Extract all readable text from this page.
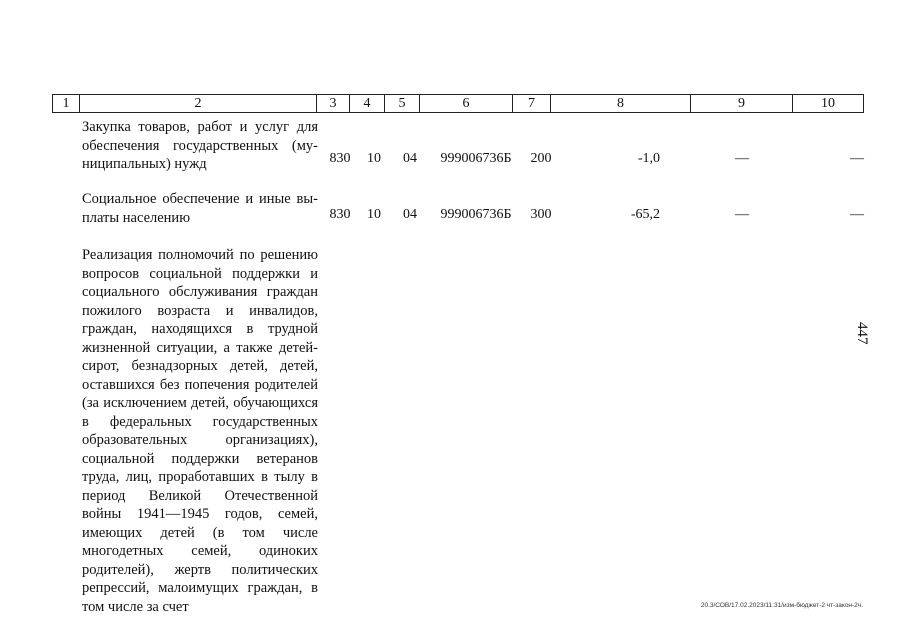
1	2	3	4	5	6	7	8	9	10
Закупка товаров, работ и услуг для обеспечения государственных (муниципальных) нужд	830	10	04	999006736Б	200	-1,0	—	—
Социальное обеспечение и иные выплаты населению	830	10	04	999006736Б	300	-65,2	—	—
Реализация полномочий по решению вопросов социальной поддержки и социального обслуживания граждан пожилого возраста и инвалидов, граждан, находящихся в трудной жизненной ситуации, а также детей-сирот, безнадзорных детей, детей, оставшихся без попечения родителей (за исключением детей, обучающихся в федеральных государственных образовательных организациях), социальной поддержки ветеранов труда, лиц, проработавших в тылу в период Великой Отечественной войны 1941—1945 годов, семей, имеющих детей (в том числе многодетных семей, одиноких родителей), жертв политических репрессий, малоимущих граждан, в том числе за счет
447
20.3/СОВ/17.02.2023/11:31/изм-бюджет-2 чт-закон-2ч.
